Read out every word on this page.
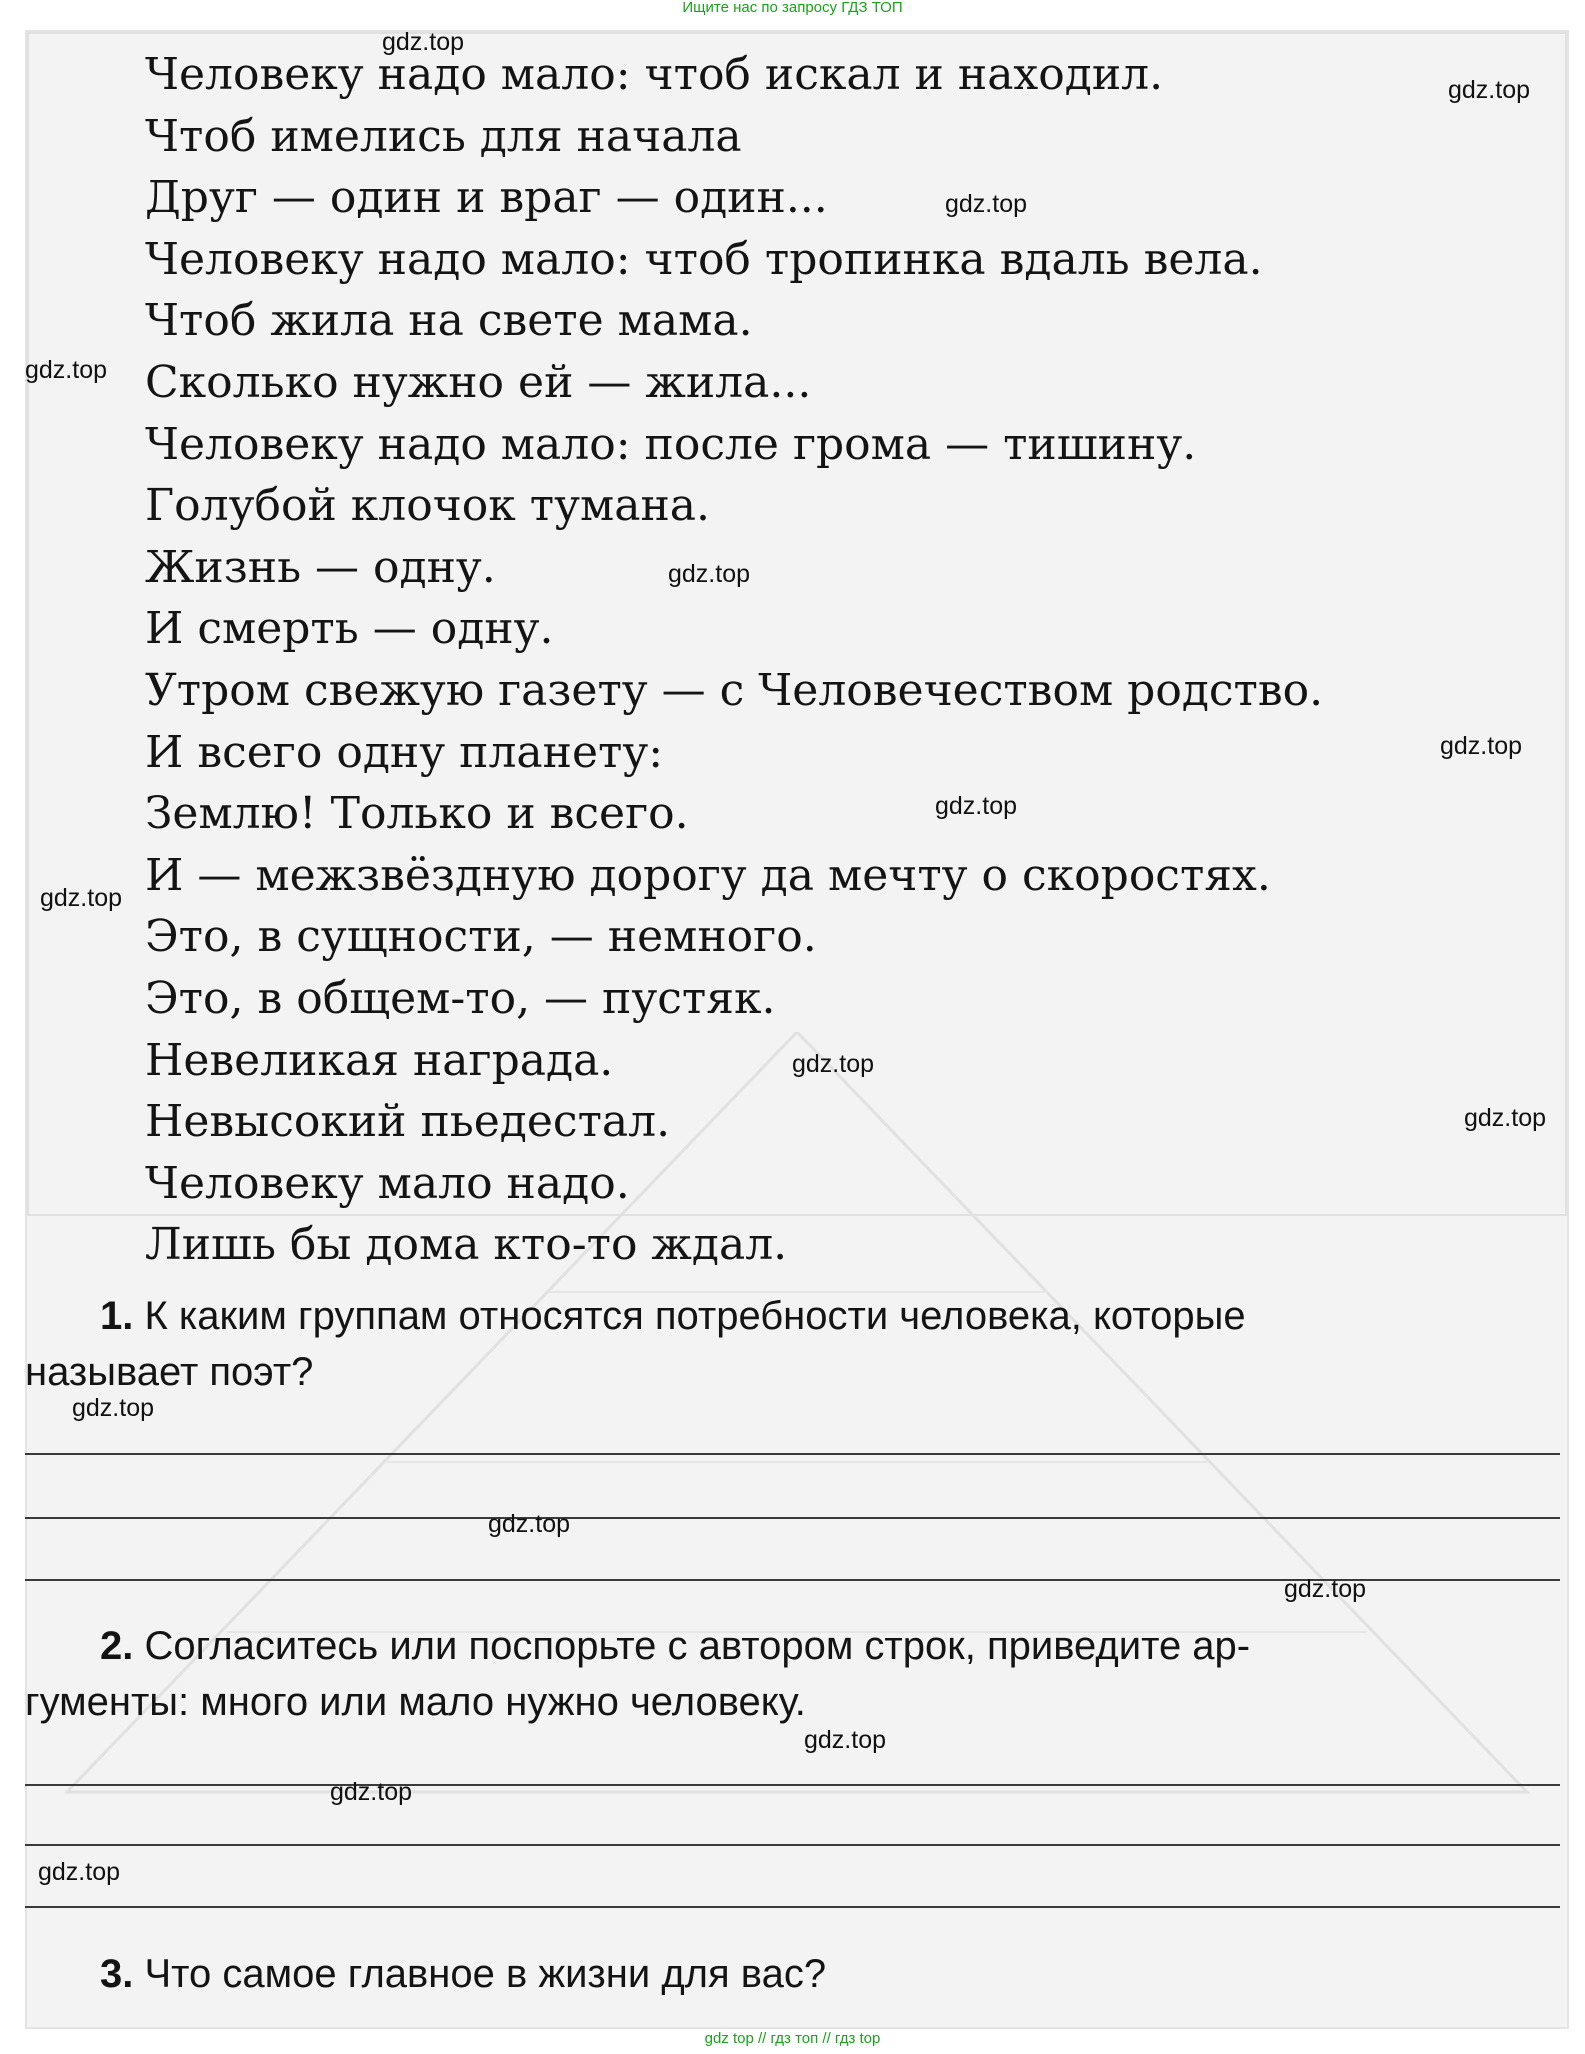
Ищите нас по запросу ГДЗ ТОП
Человеку надо мало: чтоб искал и находил.
Чтоб имелись для начала
Друг — один и враг — один...
Человеку надо мало: чтоб тропинка вдаль вела.
Чтоб жила на свете мама.
Сколько нужно ей — жила...
Человеку надо мало: после грома — тишину.
Голубой клочок тумана.
Жизнь — одну.
И смерть — одну.
Утром свежую газету — с Человечеством родство.
И всего одну планету:
Землю! Только и всего.
И — межзвёздную дорогу да мечту о скоростях.
Это, в сущности, — немного.
Это, в общем-то, — пустяк.
Невеликая награда.
Невысокий пьедестал.
Человеку мало надо.
Лишь бы дома кто-то ждал.
1. К каким группам относятся потребности человека, которые
называет поэт?
2. Согласитесь или поспорьте с автором строк, приведите ар-
гументы: много или мало нужно человеку.
3. Что самое главное в жизни для вас?
gdz.top
gdz.top
gdz.top
gdz.top
gdz.top
gdz.top
gdz.top
gdz.top
gdz.top
gdz.top
gdz.top
gdz.top
gdz.top
gdz.top
gdz.top
gdz.top
gdz top // гдз топ // гдз top
